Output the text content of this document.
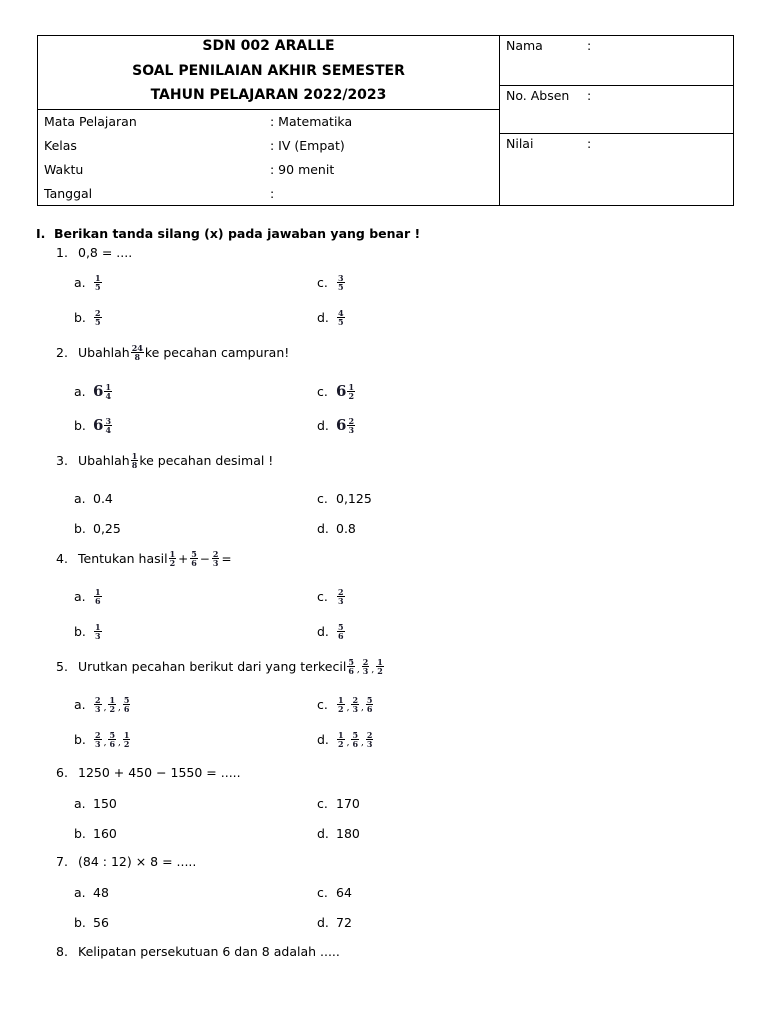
SDN 002 ARALLE
SOAL PENILAIAN AKHIR SEMESTER
TAHUN PELAJARAN 2022/2023
Mata Pelajaran	: Matematika
Kelas	: IV (Empat)
Waktu	: 90 menit
Tanggal	:
Nama	:
No. Absen :
Nilai	:
I. Berikan tanda silang (x) pada jawaban yang benar !
1. 0,8 = ....
a.	$\frac{1}{5}$	c.	$\frac{3}{5}$
b.	$\frac{2}{5}$	d.	$\frac{4}{5}$
2. Ubahlah $\frac{24}{8}$ ke pecahan campuran!
a. $6 \frac{1}{4}$	c. $6 \frac{1}{2}$
b. $6 \frac{3}{4}$	d. $6 \frac{2}{3}$
3. Ubahlah $\frac{1}{8}$ ke pecahan desimal !
a. 0.4	c. 0,125
b. 0,25	d. 0.8
4. Tentukan hasil $\frac{1}{2} + \frac{5}{6} - \frac{2}{3}$ =
a.	$\frac{1}{6}$	c.	$\frac{2}{3}$
b.	$\frac{1}{3}$	d.	$\frac{5}{6}$
5. Urutkan pecahan berikut dari yang terkecil $\frac{5}{6}$ , $\frac{2}{3}$ , $\frac{1}{2}$
a.	$\frac{2}{3}$ , $\frac{1}{2}$ , $\frac{5}{6}$	c.	$\frac{1}{2}$ , $\frac{2}{3}$ , $\frac{5}{6}$
b.	$\frac{2}{3}$ , $\frac{5}{6}$ , $\frac{1}{2}$	d.	$\frac{1}{2}$ , $\frac{5}{6}$ , $\frac{2}{3}$
6. 1250 + 450 − 1550 = .....
a. 150	c. 170
b. 160	d. 180
7. (84 : 12) × 8 = .....
a. 48	c. 64
b. 56	d. 72
8. Kelipatan persekutuan 6 dan 8 adalah .....
